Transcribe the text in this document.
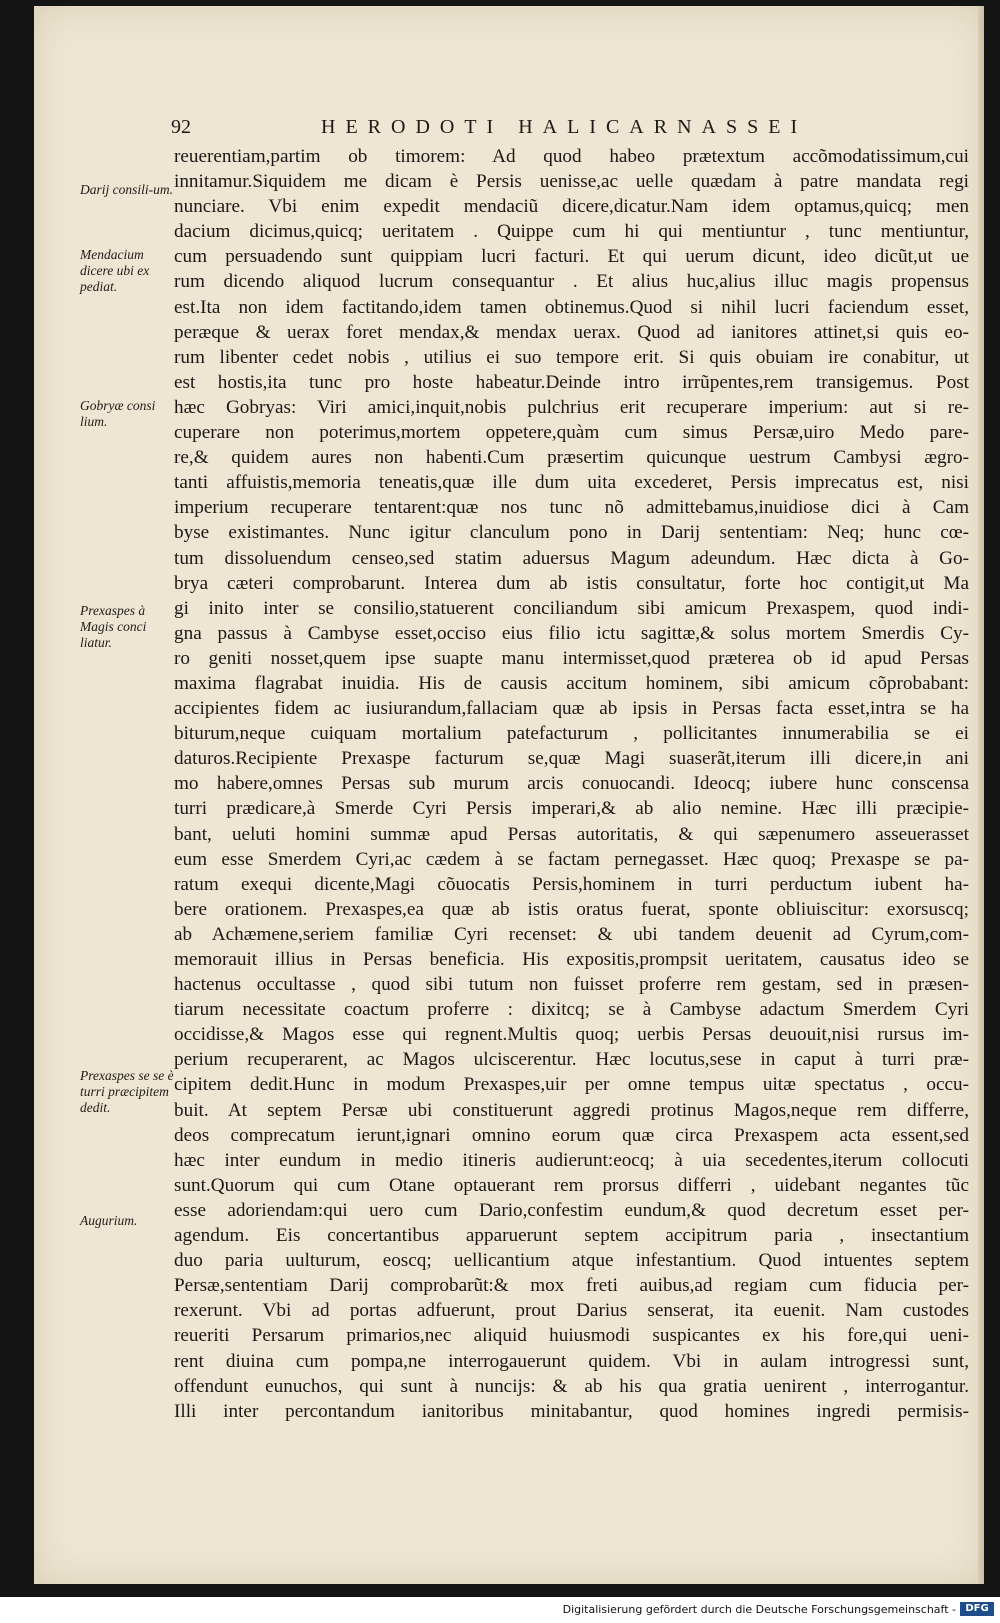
92	HERODOTI HALICARNASSEI
Darij consili-um.
Mendacium dicere ubi ex pediat.
Gobryæ consi lium.
Prexaspes à Magis conci liatur.
Prexaspes se se è turri præcipitem dedit.
Augurium.
reuerentiam,partim ob timorem: Ad quod habeo prætextum accõmodatissimum,cui
innitamur.Siquidem me dicam è Persis uenisse,ac uelle quædam à patre mandata regi
nunciare. Vbi enim expedit mendaciũ dicere,dicatur.Nam idem optamus,quicq; men
dacium dicimus,quicq; ueritatem . Quippe cum hi qui mentiuntur , tunc mentiuntur,
cum persuadendo sunt quippiam lucri facturi. Et qui uerum dicunt, ideo dicũt,ut ue
rum dicendo aliquod lucrum consequantur . Et alius huc,alius illuc magis propensus
est.Ita non idem factitando,idem tamen obtinemus.Quod si nihil lucri faciendum esset,
peræque & uerax foret mendax,& mendax uerax. Quod ad ianitores attinet,si quis eo-
rum libenter cedet nobis , utilius ei suo tempore erit. Si quis obuiam ire conabitur, ut
est hostis,ita tunc pro hoste habeatur.Deinde intro irrũpentes,rem transigemus. Post
hæc Gobryas: Viri amici,inquit,nobis pulchrius erit recuperare imperium: aut si re-
cuperare non poterimus,mortem oppetere,quàm cum simus Persæ,uiro Medo pare-
re,& quidem aures non habenti.Cum præsertim quicunque uestrum Cambysi ægro-
tanti affuistis,memoria teneatis,quæ ille dum uita excederet, Persis imprecatus est, nisi
imperium recuperare tentarent:quæ nos tunc nõ admittebamus,inuidiose dici à Cam
byse existimantes. Nunc igitur clanculum pono in Darij sententiam: Neq; hunc cœ-
tum dissoluendum censeo,sed statim aduersus Magum adeundum. Hæc dicta à Go-
brya cæteri comprobarunt. Interea dum ab istis consultatur, forte hoc contigit,ut Ma
gi inito inter se consilio,statuerent conciliandum sibi amicum Prexaspem, quod indi-
gna passus à Cambyse esset,occiso eius filio ictu sagittæ,& solus mortem Smerdis Cy-
ro geniti nosset,quem ipse suapte manu intermisset,quod præterea ob id apud Persas
maxima flagrabat inuidia. His de causis accitum hominem, sibi amicum cõprobabant:
accipientes fidem ac iusiurandum,fallaciam quæ ab ipsis in Persas facta esset,intra se ha
biturum,neque cuiquam mortalium patefacturum , pollicitantes innumerabilia se ei
daturos.Recipiente Prexaspe facturum se,quæ Magi suaserãt,iterum illi dicere,in ani
mo habere,omnes Persas sub murum arcis conuocandi. Ideocq; iubere hunc conscensa
turri prædicare,à Smerde Cyri Persis imperari,& ab alio nemine. Hæc illi præcipie-
bant, ueluti homini summæ apud Persas autoritatis, & qui sæpenumero asseuerasset
eum esse Smerdem Cyri,ac cædem à se factam pernegasset. Hæc quoq; Prexaspe se pa-
ratum exequi dicente,Magi cõuocatis Persis,hominem in turri perductum iubent ha-
bere orationem. Prexaspes,ea quæ ab istis oratus fuerat, sponte obliuiscitur: exorsuscq;
ab Achæmene,seriem familiæ Cyri recenset: & ubi tandem deuenit ad Cyrum,com-
memorauit illius in Persas beneficia. His expositis,prompsit ueritatem, causatus ideo se
hactenus occultasse , quod sibi tutum non fuisset proferre rem gestam, sed in præsen-
tiarum necessitate coactum proferre : dixitcq; se à Cambyse adactum Smerdem Cyri
occidisse,& Magos esse qui regnent.Multis quoq; uerbis Persas deuouit,nisi rursus im-
perium recuperarent, ac Magos ulciscerentur. Hæc locutus,sese in caput à turri præ-
cipitem dedit.Hunc in modum Prexaspes,uir per omne tempus uitæ spectatus , occu-
buit. At septem Persæ ubi constituerunt aggredi protinus Magos,neque rem differre,
deos comprecatum ierunt,ignari omnino eorum quæ circa Prexaspem acta essent,sed
hæc inter eundum in medio itineris audierunt:eocq; à uia secedentes,iterum collocuti
sunt.Quorum qui cum Otane optauerant rem prorsus differri , uidebant negantes tũc
esse adoriendam:qui uero cum Dario,confestim eundum,& quod decretum esset per-
agendum. Eis concertantibus apparuerunt septem accipitrum paria , insectantium
duo paria uulturum, eoscq; uellicantium atque infestantium. Quod intuentes septem
Persæ,sententiam Darij comprobarũt:& mox freti auibus,ad regiam cum fiducia per-
rexerunt. Vbi ad portas adfuerunt, prout Darius senserat, ita euenit. Nam custodes
reueriti Persarum primarios,nec aliquid huiusmodi suspicantes ex his fore,qui ueni-
rent diuina cum pompa,ne interrogauerunt quidem. Vbi in aulam introgressi sunt,
offendunt eunuchos, qui sunt à nuncijs: & ab his qua gratia uenirent , interrogantur.
Illi inter percontandum ianitoribus minitabantur, quod homines ingredi permisis-
Digitalisierung gefördert durch die Deutsche Forschungsgemeinschaft - DFG
